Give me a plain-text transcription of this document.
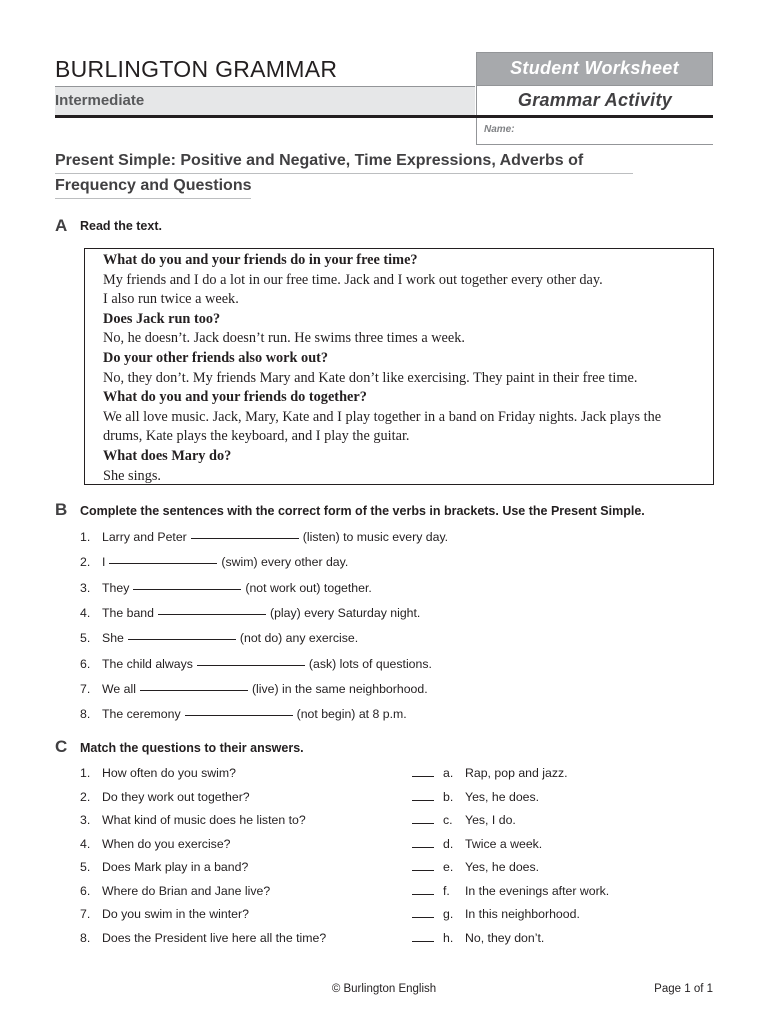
BURLINGTON GRAMMAR
Intermediate
Student Worksheet
Grammar Activity
Name:
Present Simple: Positive and Negative, Time Expressions, Adverbs of
Frequency and Questions
A Read the text.
What do you and your friends do in your free time?
My friends and I do a lot in our free time. Jack and I work out together every other day.
I also run twice a week.
Does Jack run too?
No, he doesn’t. Jack doesn’t run. He swims three times a week.
Do your other friends also work out?
No, they don’t. My friends Mary and Kate don’t like exercising. They paint in their free time.
What do you and your friends do together?
We all love music. Jack, Mary, Kate and I play together in a band on Friday nights. Jack plays the
drums, Kate plays the keyboard, and I play the guitar.
What does Mary do?
She sings.
B Complete the sentences with the correct form of the verbs in brackets. Use the Present Simple.
1. Larry and Peter	(listen) to music every day.
2. I	(swim) every other day.
3. They	(not work out) together.
4. The band	(play) every Saturday night.
5. She	(not do) any exercise.
6. The child always	(ask) lots of questions.
7. We all	(live) in the same neighborhood.
8. The ceremony	(not begin) at 8 p.m.
C Match the questions to their answers.
1. How often do you swim?	a. Rap, pop and jazz.
2. Do they work out together?	b. Yes, he does.
3. What kind of music does he listen to?	c. Yes, I do.
4. When do you exercise?	d. Twice a week.
5. Does Mark play in a band?	e. Yes, he does.
6. Where do Brian and Jane live?	f. In the evenings after work.
7. Do you swim in the winter?	g. In this neighborhood.
8. Does the President live here all the time?	h. No, they don’t.
© Burlington English	Page 1 of 1
